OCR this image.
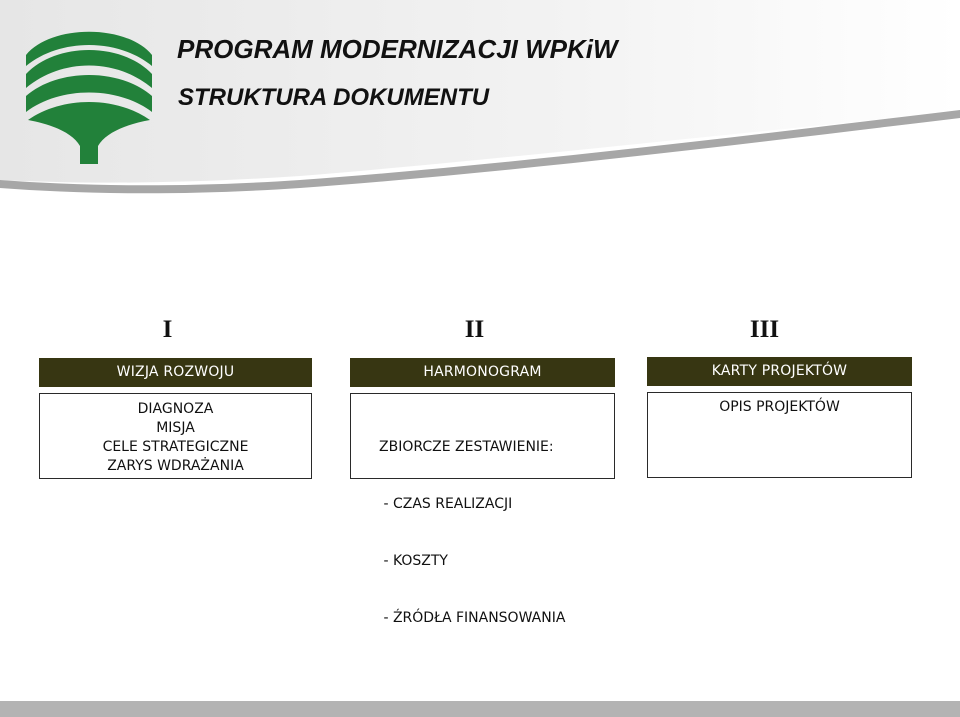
PROGRAM MODERNIZACJI WPKiW
STRUKTURA DOKUMENTU
I
WIZJA ROZWOJU
DIAGNOZA
MISJA
CELE STRATEGICZNE
ZARYS WDRAŻANIA
II
HARMONOGRAM

ZBIORCZE ZESTAWIENIE:

- CZAS REALIZACJI

- KOSZTY

- ŹRÓDŁA FINANSOWANIA

III
KARTY PROJEKTÓW
OPIS PROJEKTÓW
